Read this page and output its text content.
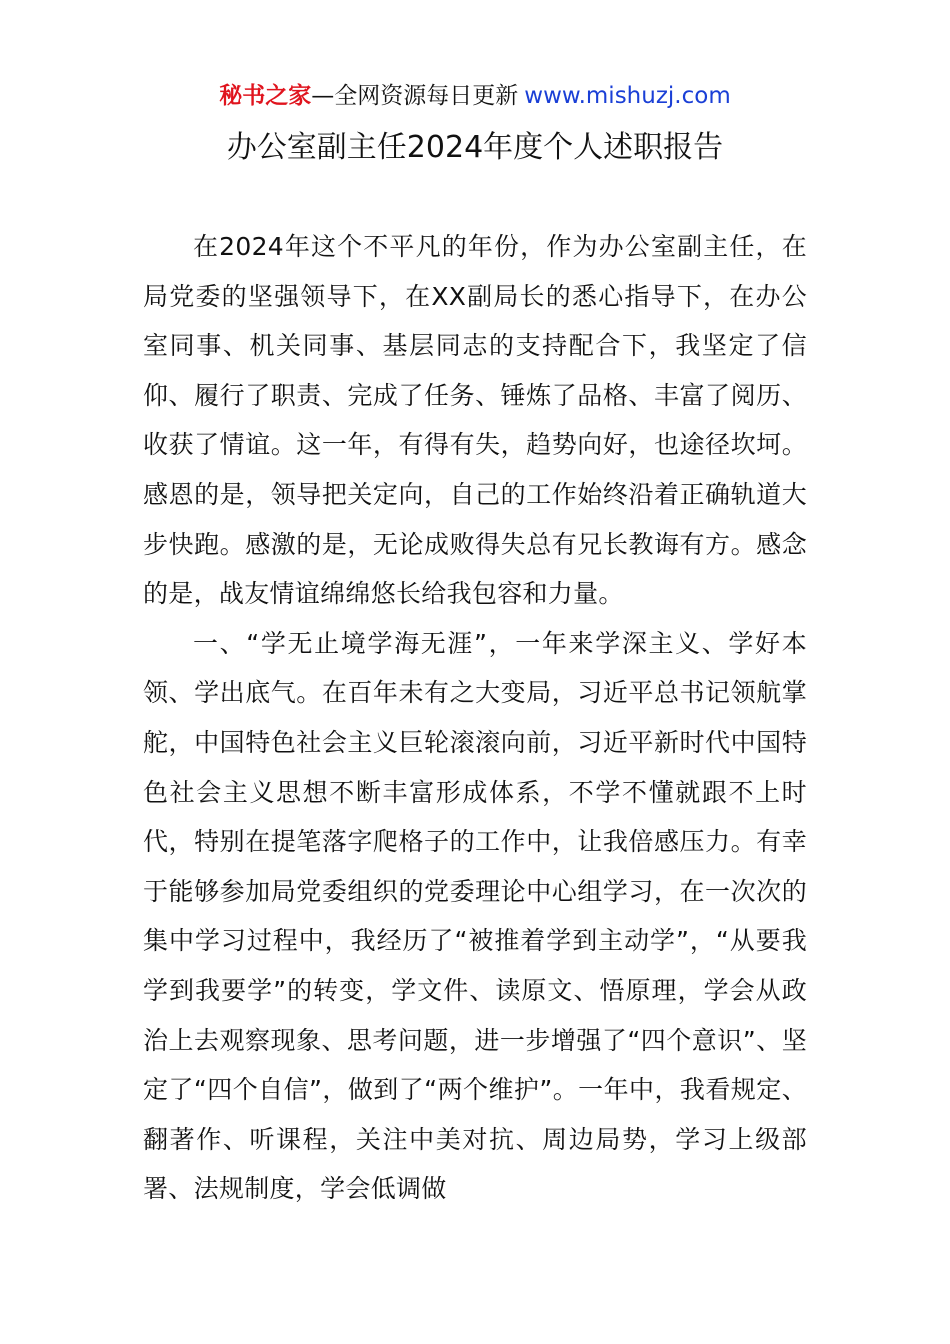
秘书之家—全网资源每日更新 www.mishuzj.com
办公室副主任2024年度个人述职报告

在2024年这个不平凡的年份，作为办公室副主任，在局党委的坚强领导下，在XX副局长的悉心指导下，在办公室同事、机关同事、基层同志的支持配合下，我坚定了信仰、履行了职责、完成了任务、锤炼了品格、丰富了阅历、收获了情谊。这一年，有得有失，趋势向好，也途径坎坷。感恩的是，领导把关定向，自己的工作始终沿着正确轨道大步快跑。感激的是，无论成败得失总有兄长教诲有方。感念的是，战友情谊绵绵悠长给我包容和力量。

一、“学无止境学海无涯”，一年来学深主义、学好本领、学出底气。在百年未有之大变局，习近平总书记领航掌舵，中国特色社会主义巨轮滚滚向前，习近平新时代中国特色社会主义思想不断丰富形成体系，不学不懂就跟不上时代，特别在提笔落字爬格子的工作中，让我倍感压力。有幸于能够参加局党委组织的党委理论中心组学习，在一次次的集中学习过程中，我经历了“被推着学到主动学”，“从要我学到我要学”的转变，学文件、读原文、悟原理，学会从政治上去观察现象、思考问题，进一步增强了“四个意识”、坚定了“四个自信”，做到了“两个维护”。一年中，我看规定、翻著作、听课程，关注中美对抗、周边局势，学习上级部署、法规制度，学会低调做
